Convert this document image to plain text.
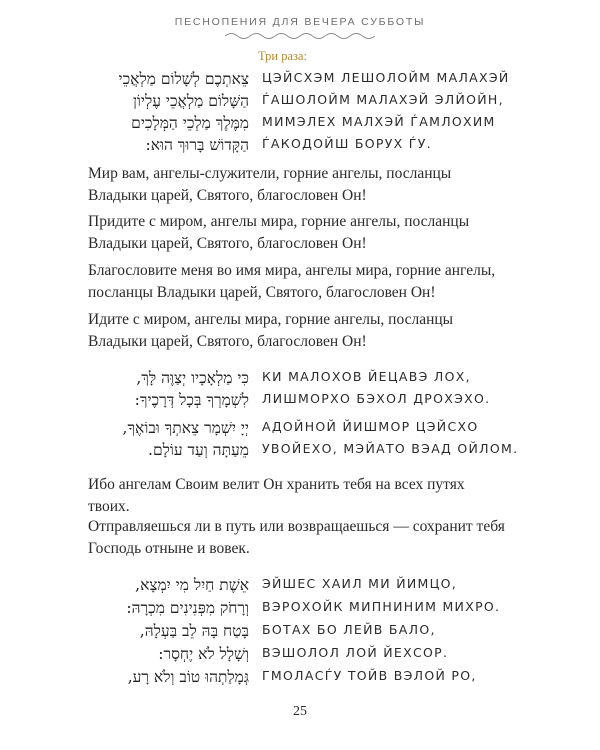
ПЕСНОПЕНИЯ ДЛЯ ВЕЧЕРА СУББОТЫ
Три раза:
צֵאתְכֶם לְשָׁלוֹם מַלְאֲכֵי ЦЭЙСХЭМ ЛЕШОЛОЙМ МАЛАХЭЙ
הַשָּׁלוֹם מַלְאֲכֵי עֶלְיוֹן ЃАШОЛОЙМ МАЛАХЭЙ ЭЛЙОЙН,
מִמֶּלֶךְ מַלְכֵי הַמְּלָכִים МИМЭЛЕХ МАЛХЭЙ ЃАМЛОХИМ
הַקָּדוֹשׁ בָּרוּךְ הוּא: ЃАКОДОЙШ БОРУХ ЃУ.

Мир вам, ангелы-служители, горние ангелы, посланцы Владыки царей, Святого, благословен Он!

Придите с миром, ангелы мира, горние ангелы, посланцы Владыки царей, Святого, благословен Он!

Благословите меня во имя мира, ангелы мира, горние ангелы, посланцы Владыки царей, Святого, благословен Он!

Идите с миром, ангелы мира, горние ангелы, посланцы Владыки царей, Святого, благословен Он!

כִּי מַלְאָכָיו יְצַוֶּה לָּךְ, КИ МАЛОХОВ ЙЕЦАВЭ ЛОХ,
לִשְׁמָרְךָ בְּכָל דְּרָכֶיךָ: ЛИШМОРХО БЭХОЛ ДРОХЭХО.
יְיָ יִשְׁמָר צֵאתְךָ וּבוֹאֶךָ, АДОЙНОЙ ЙИШМОР ЦЭЙСХО
מֵעַתָּה וְעַד עוֹלָם. УВОЙЕХО, МЭЙАТО ВЭАД ОЙЛОМ.

Ибо ангелам Своим велит Он хранить тебя на всех путях твоих.

Отправляешься ли в путь или возвращаешься — сохранит тебя Господь отныне и вовек.

אֵשֶׁת חַיִל מִי יִמְצָא, ЭЙШЕС ХАИЛ МИ ЙИМЦО,
וְרָחֹק מִפְּנִינִים מִכְרָהּ: ВЭРОХОЙК МИПНИНИМ МИХРО.
בָּטַח בָּהּ לֵב בַּעְלָהּ, БОТАХ БО ЛЕЙВ БАЛО,
וְשָׁלָל לֹא יֶחְסָר: ВЭШОЛОЛ ЛОЙ ЙЕХСОР.
גְּמָלַתְהוּ טוֹב וְלֹא רָע, ГМОЛАСЃУ ТОЙВ ВЭЛОЙ РО,
25
